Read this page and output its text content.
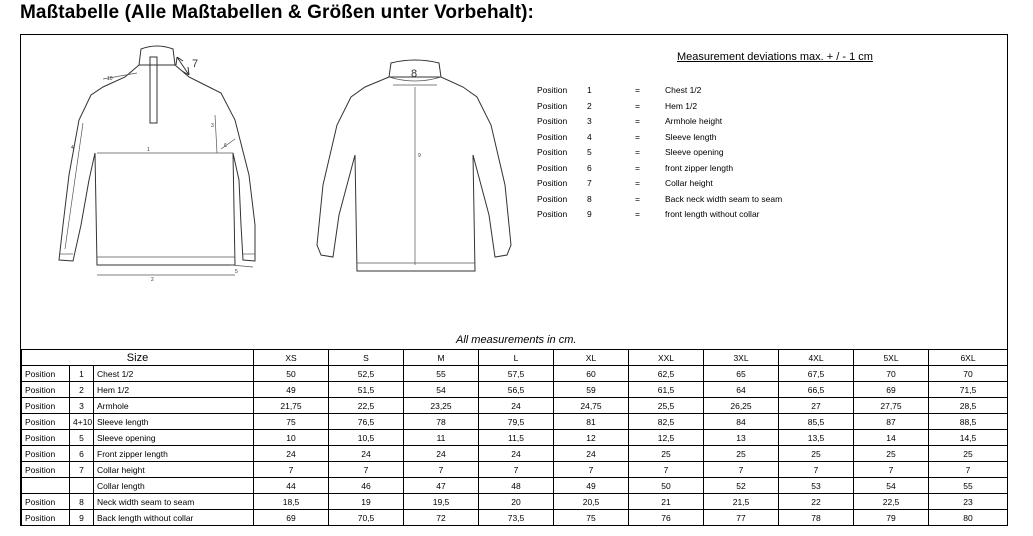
Maßtabelle (Alle Maßtabellen & Größen unter Vorbehalt):
10
7
1
2
3
4
5
6
8
9
Measurement deviations max. + / - 1 cm
Position 1	=	Chest 1/2
Position 2	=	Hem 1/2
Position 3	=	Armhole height
Position 4	=	Sleeve length
Position 5	=	Sleeve opening
Position 6	=	front zipper length
Position 7	=	Collar height
Position 8	=	Back neck width seam to seam
Position 9	=	front length without collar
All measurements in cm.
Size			XS	S	M	L	XL	XXL	3XL	4XL	5XL	6XL
Position	1	Chest 1/2	50	52,5	55	57,5	60	62,5	65	67,5	70	70
Position	2	Hem 1/2	49	51,5	54	56,5	59	61,5	64	66,5	69	71,5
Position	3	Armhole	21,75	22,5	23,25	24	24,75	25,5	26,25	27	27,75	28,5
Position	4+10	Sleeve length	75	76,5	78	79,5	81	82,5	84	85,5	87	88,5
Position	5	Sleeve opening	10	10,5	11	11,5	12	12,5	13	13,5	14	14,5
Position	6	Front zipper length	24	24	24	24	24	25	25	25	25	25
Position	7	Collar height	7	7	7	7	7	7	7	7	7	7
		Collar length	44	46	47	48	49	50	52	53	54	55
Position	8	Neck width seam to seam	18,5	19	19,5	20	20,5	21	21,5	22	22,5	23
Position	9	Back length without collar	69	70,5	72	73,5	75	76	77	78	79	80
